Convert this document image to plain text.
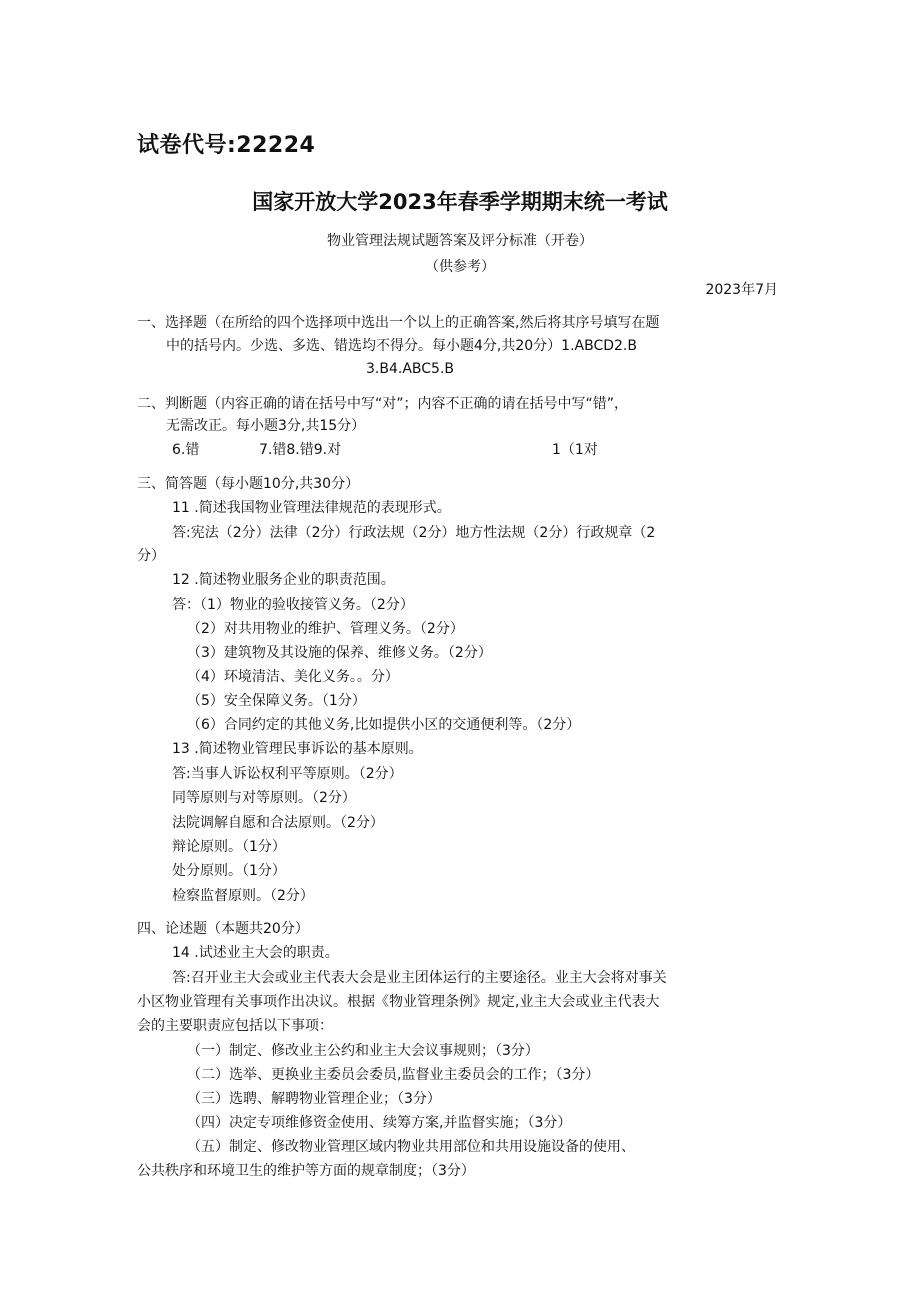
试卷代号:22224
国家开放大学2023年春季学期期末统一考试
物业管理法规试题答案及评分标准（开卷）
（供参考）
2023年7月
一、选择题（在所给的四个选择项中选出一个以上的正确答案,然后将其序号填写在题
中的括号内。少选、多选、错选均不得分。每小题4分,共20分）1.ABCD2.B
3.B4.ABC5.B
二、判断题（内容正确的请在括号中写“对”；内容不正确的请在括号中写“错”，
无需改正。每小题3分,共15分）
6.错	7.错8.错9.对	1（1对
三、简答题（每小题10分,共30分）
11 .简述我国物业管理法律规范的表现形式。
答:宪法（2分）法律（2分）行政法规（2分）地方性法规（2分）行政规章（2
分）
12 .简述物业服务企业的职责范围。
答：（1）物业的验收接管义务。（2分）
（2）对共用物业的维护、管理义务。（2分）
（3）建筑物及其设施的保养、维修义务。（2分）
（4）环境清洁、美化义务。。分）
（5）安全保障义务。（1分）
（6）合同约定的其他义务,比如提供小区的交通便利等。（2分）
13 .简述物业管理民事诉讼的基本原则。
答:当事人诉讼权利平等原则。（2分）
同等原则与对等原则。（2分）
法院调解自愿和合法原则。（2分）
辩论原则。（1分）
处分原则。（1分）
检察监督原则。（2分）
四、论述题（本题共20分）
14 .试述业主大会的职责。
答:召开业主大会或业主代表大会是业主团体运行的主要途径。业主大会将对事关
小区物业管理有关事项作出决议。根据《物业管理条例》规定,业主大会或业主代表大
会的主要职责应包括以下事项：
（一）制定、修改业主公约和业主大会议事规则；（3分）
（二）选举、更换业主委员会委员,监督业主委员会的工作；（3分）
（三）选聘、解聘物业管理企业；（3分）
（四）决定专项维修资金使用、续筹方案,并监督实施；（3分）
（五）制定、修改物业管理区域内物业共用部位和共用设施设备的使用、
公共秩序和环境卫生的维护等方面的规章制度；（3分）
